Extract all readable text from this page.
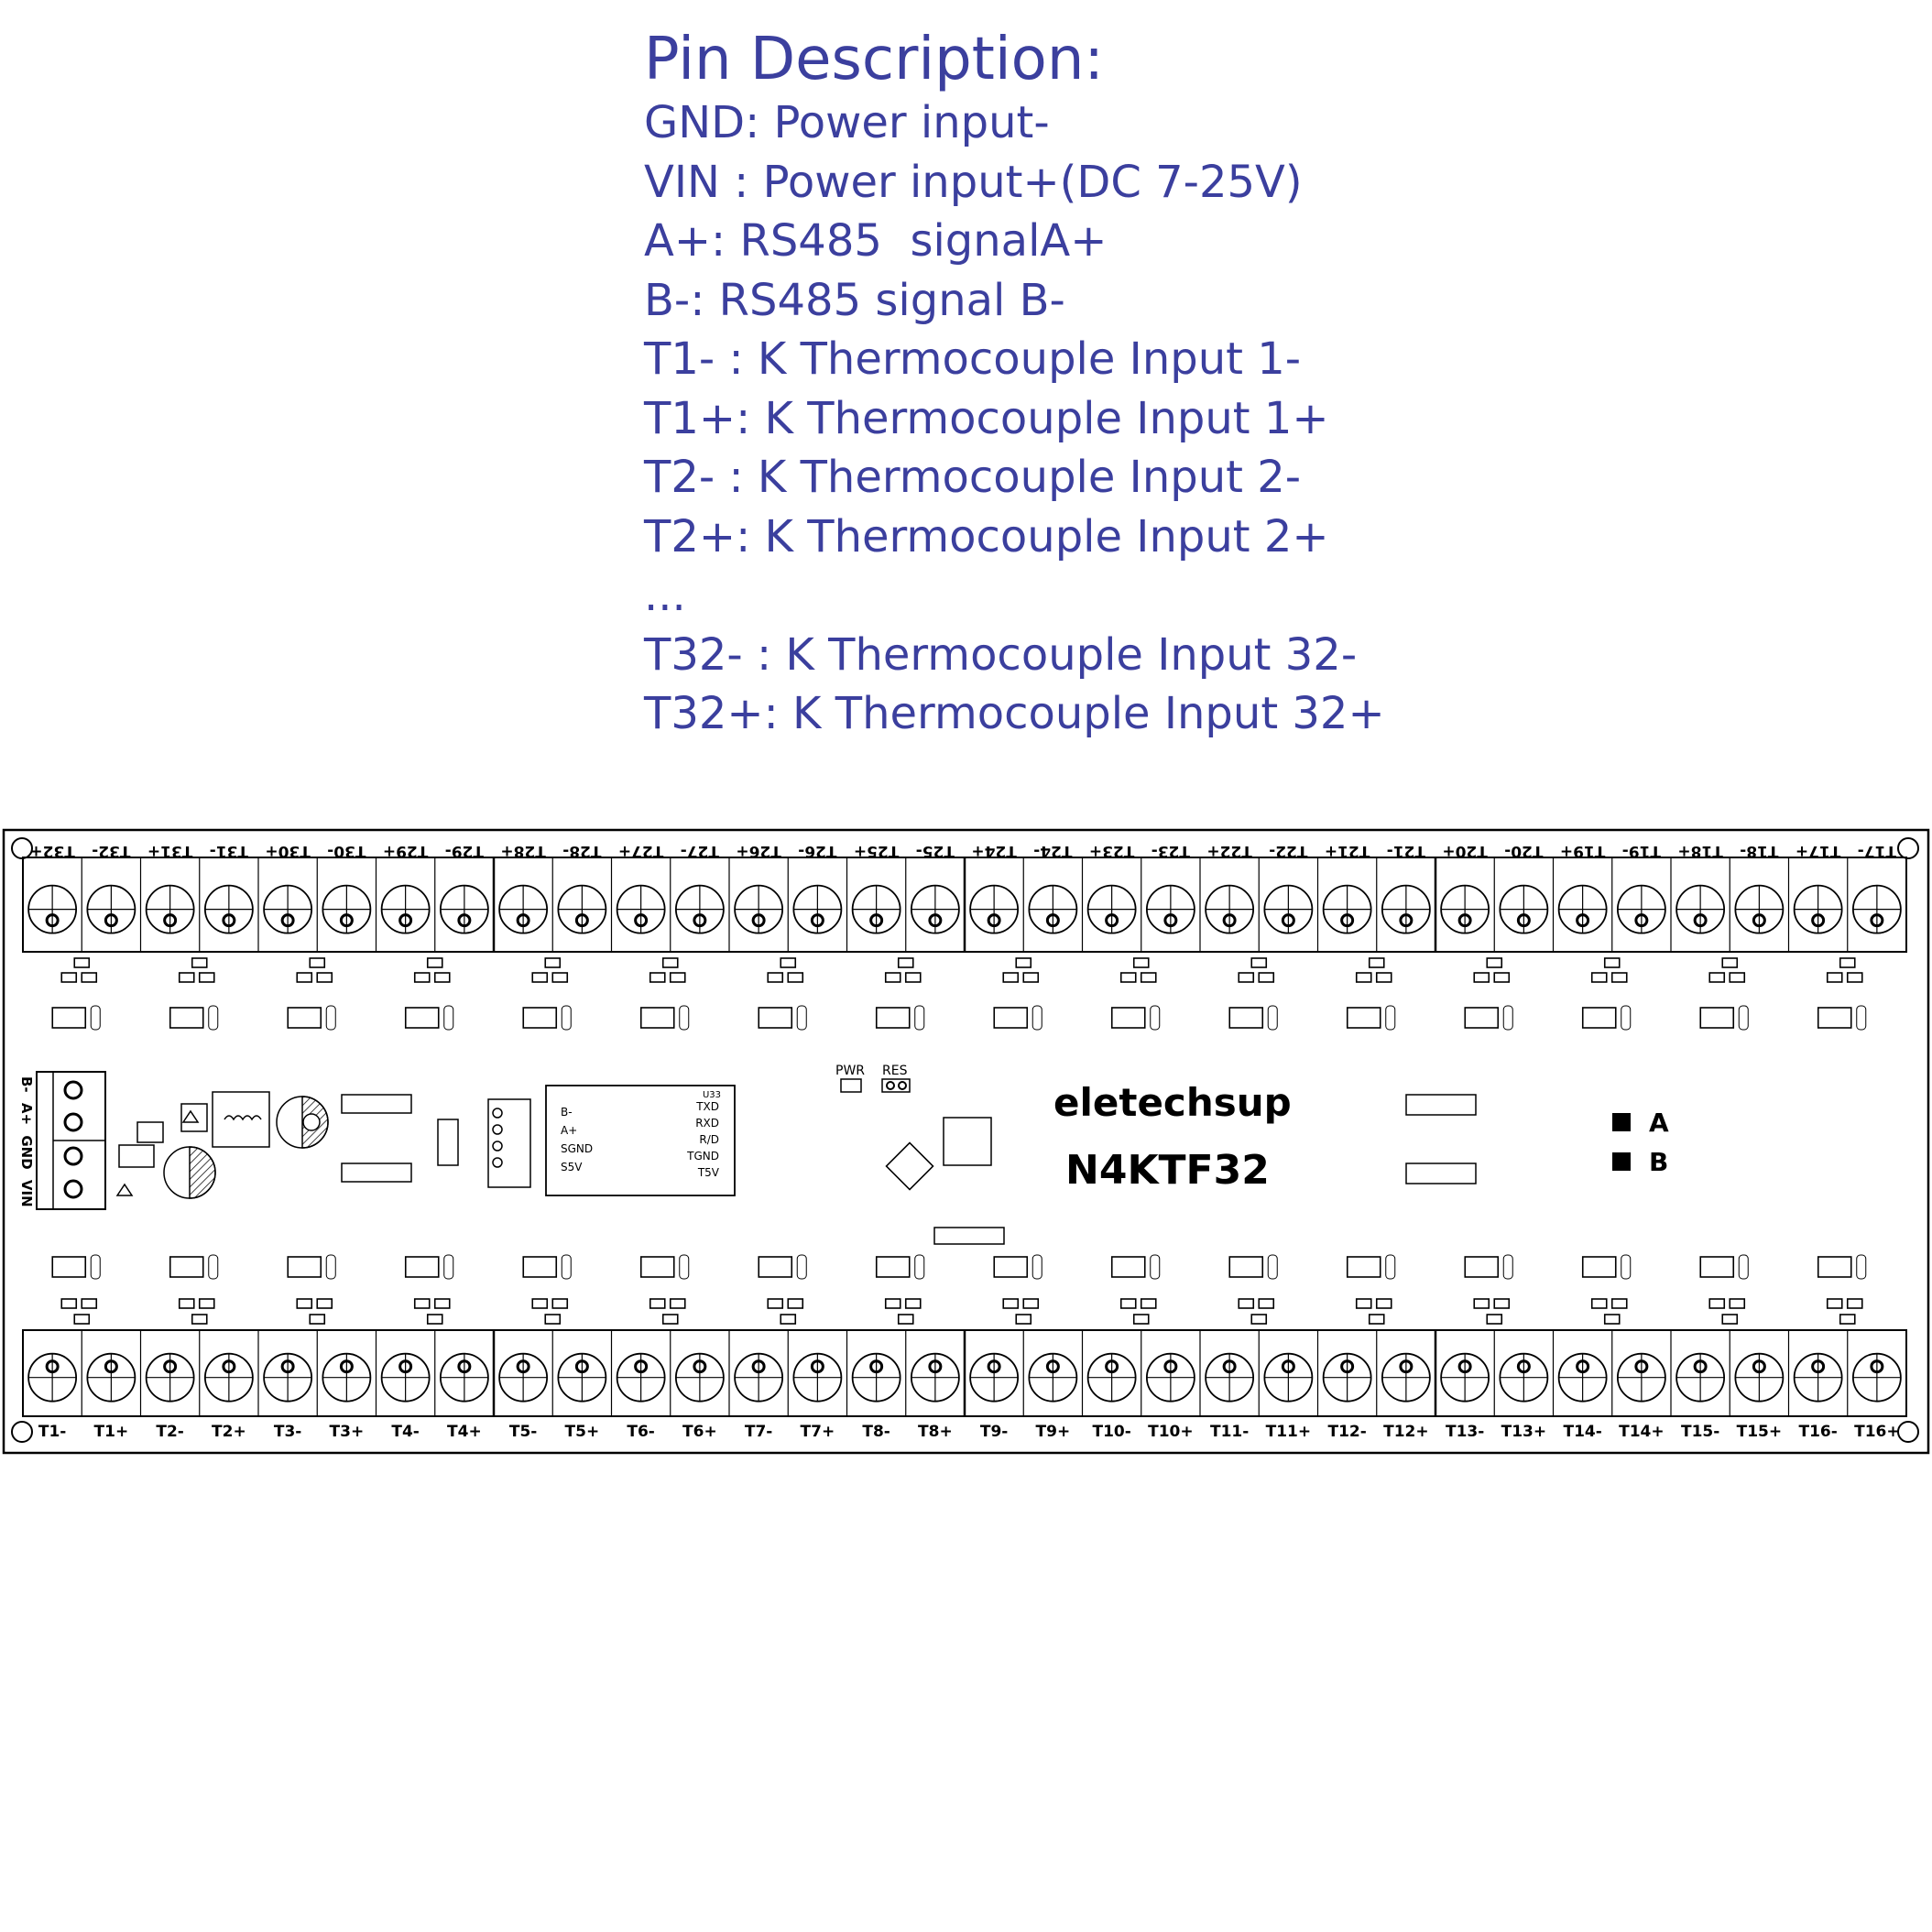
Pin Description:
GND: Power input-
VIN : Power input+(DC 7-25V)
A+: RS485  signalA+
B-: RS485 signal B-
T1- : K Thermocouple Input 1-
T1+: K Thermocouple Input 1+
T2- : K Thermocouple Input 2-
T2+: K Thermocouple Input 2+
...
T32- : K Thermocouple Input 32-
T32+: K Thermocouple Input 32+
T32+ T32- T31+ T31- T30+ T30- T29+ T29- T28+ T28- T27+ T27- T26+ T26- T25+ T25- T24+ T24- T23+ T23- T22+ T22- T21+ T21- T20+ T20- T19+ T19- T18+ T18- T17+ T17-
T1- T1+ T2- T2+ T3- T3+ T4- T4+ T5- T5+ T6- T6+ T7- T7+ T8- T8+ T9- T9+ T10- T10+ T11- T11+ T12- T12+ T13- T13+ T14- T14+ T15- T15+ T16- T16+
B- A+ GND VIN
U33
B-
A+
SGND
S5V
TXD
RXD
R/D
TGND
T5V
PWR RES
eletechsup
N4KTF32
A
B
